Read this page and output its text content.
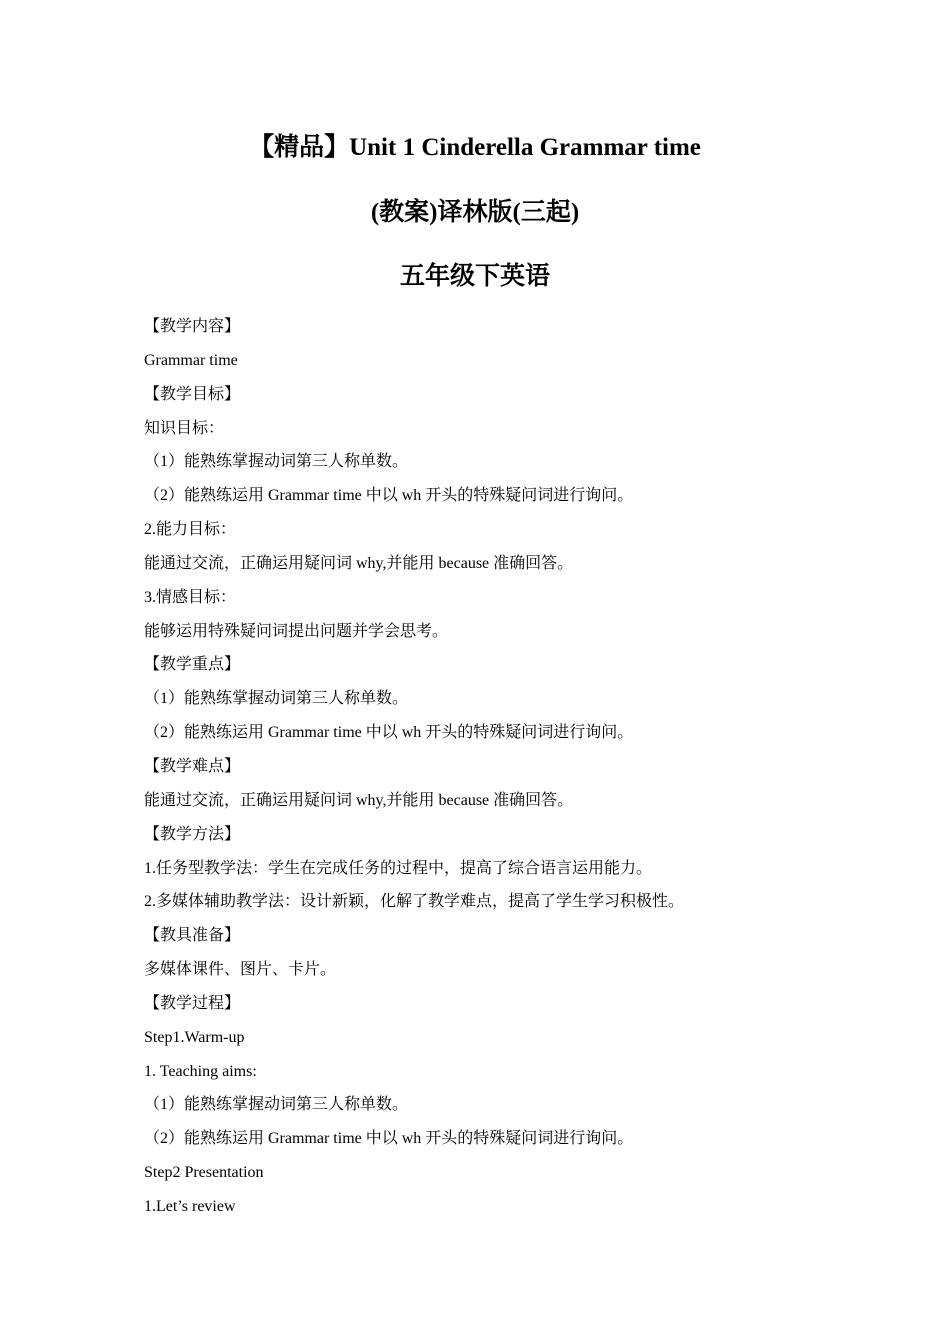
【精品】Unit 1 Cinderella Grammar time
(教案)译林版(三起)
五年级下英语
【教学内容】
Grammar time
【教学目标】
知识目标：
（1）能熟练掌握动词第三人称单数。
（2）能熟练运用 Grammar time 中以 wh 开头的特殊疑问词进行询问。
2.能力目标：
能通过交流，正确运用疑问词 why,并能用 because 准确回答。
3.情感目标：
能够运用特殊疑问词提出问题并学会思考。
【教学重点】
（1）能熟练掌握动词第三人称单数。
（2）能熟练运用 Grammar time 中以 wh 开头的特殊疑问词进行询问。
【教学难点】
能通过交流，正确运用疑问词 why,并能用 because 准确回答。
【教学方法】
1.任务型教学法：学生在完成任务的过程中，提高了综合语言运用能力。
2.多媒体辅助教学法：设计新颖，化解了教学难点，提高了学生学习积极性。
【教具准备】
多媒体课件、图片、卡片。
【教学过程】
Step1.Warm-up
1. Teaching aims:
（1）能熟练掌握动词第三人称单数。
（2）能熟练运用 Grammar time 中以 wh 开头的特殊疑问词进行询问。
Step2 Presentation
1.Let’s review
